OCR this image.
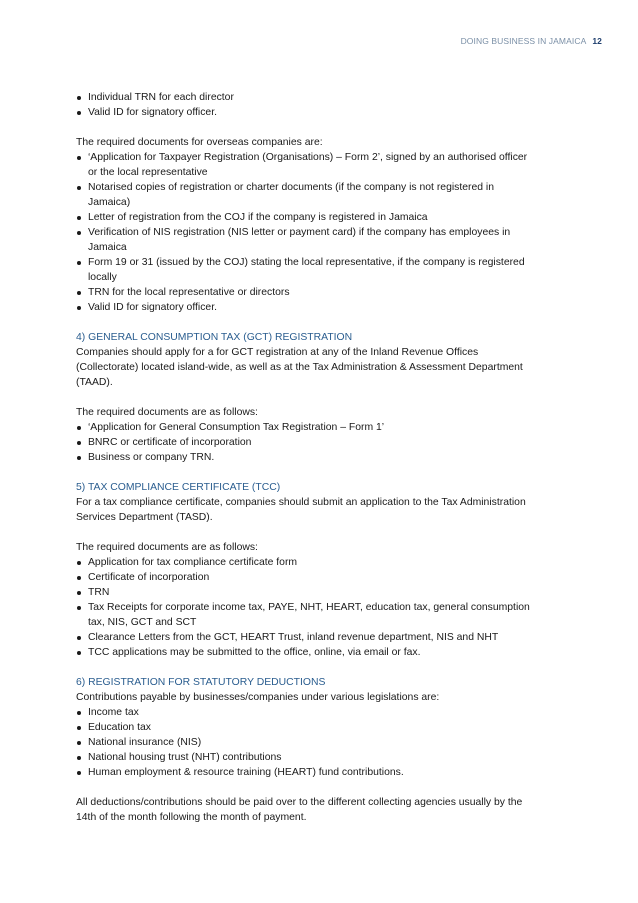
DOING BUSINESS IN JAMAICA 12
Individual TRN for each director
Valid ID for signatory officer.

The required documents for overseas companies are:

‘Application for Taxpayer Registration (Organisations) – Form 2’, signed by an authorised officer or the local representative
Notarised copies of registration or charter documents (if the company is not registered in Jamaica)
Letter of registration from the COJ if the company is registered in Jamaica
Verification of NIS registration (NIS letter or payment card) if the company has employees in Jamaica
Form 19 or 31 (issued by the COJ) stating the local representative, if the company is registered locally
TRN for the local representative or directors
Valid ID for signatory officer.

4) GENERAL CONSUMPTION TAX (GCT) REGISTRATION

Companies should apply for a for GCT registration at any of the Inland Revenue Offices (Collectorate) located island-wide, as well as at the Tax Administration & Assessment Department (TAAD).

The required documents are as follows:

‘Application for General Consumption Tax Registration – Form 1’
BNRC or certificate of incorporation
Business or company TRN.

5) TAX COMPLIANCE CERTIFICATE (TCC)

For a tax compliance certificate, companies should submit an application to the Tax Administration Services Department (TASD).

The required documents are as follows:

Application for tax compliance certificate form
Certificate of incorporation
TRN
Tax Receipts for corporate income tax, PAYE, NHT, HEART, education tax, general consumption tax, NIS, GCT and SCT
Clearance Letters from the GCT, HEART Trust, inland revenue department, NIS and NHT
TCC applications may be submitted to the office, online, via email or fax.

6) REGISTRATION FOR STATUTORY DEDUCTIONS

Contributions payable by businesses/companies under various legislations are:

Income tax
Education tax
National insurance (NIS)
National housing trust (NHT) contributions
Human employment & resource training (HEART) fund contributions.

All deductions/contributions should be paid over to the different collecting agencies usually by the 14th of the month following the month of payment.
